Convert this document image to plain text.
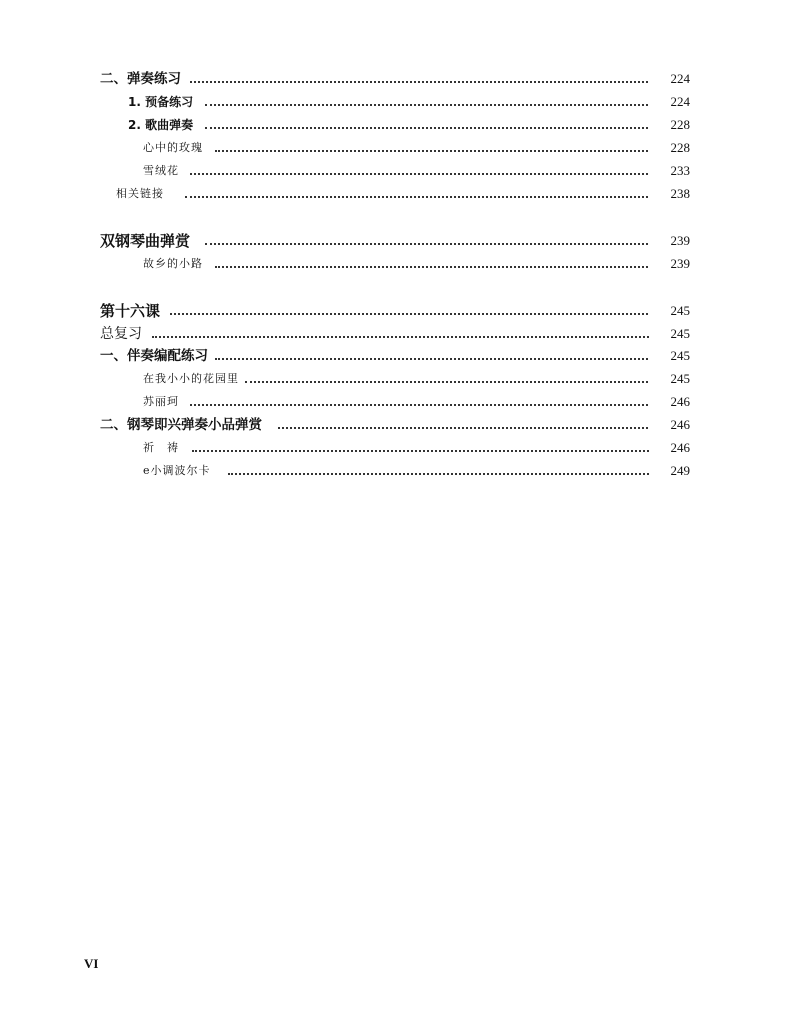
二、弹奏练习	224
1. 预备练习	224
2. 歌曲弹奏	228
心中的玫瑰	228
雪绒花	233
相关链接	238
双钢琴曲弹赏	239
故乡的小路	239
第十六课	245
总复习	245
一、伴奏编配练习	245
在我小小的花园里	245
苏丽珂	246
二、钢琴即兴弹奏小品弹赏	246
祈　祷	246
e小调波尔卡	249
VI
